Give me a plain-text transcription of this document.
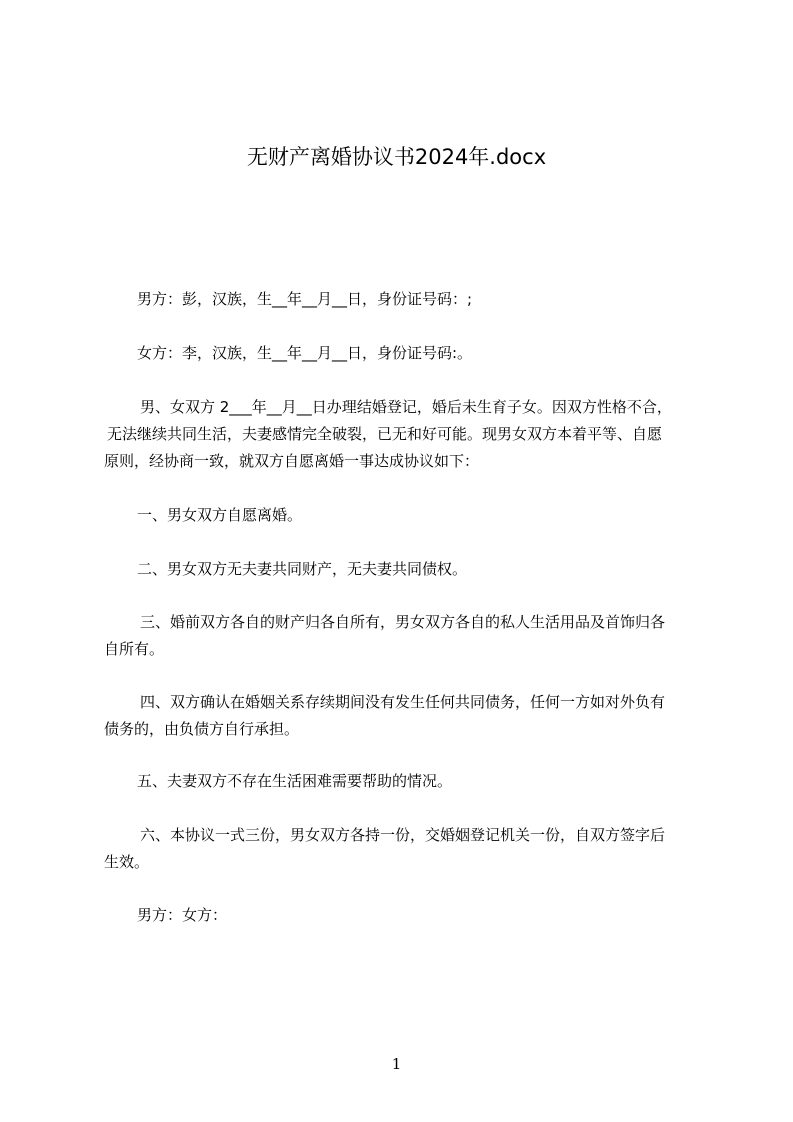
无财产离婚协议书2024年.docx
男方：彭，汉族，生__年__月__日，身份证号码：;
女方：李，汉族，生__年__月__日，身份证号码:。
男、女双方 2___年__月__日办理结婚登记，婚后未生育子女。因双方性格不合，
无法继续共同生活，夫妻感情完全破裂，已无和好可能。现男女双方本着平等、自愿
原则，经协商一致，就双方自愿离婚一事达成协议如下：
一、男女双方自愿离婚。
二、男女双方无夫妻共同财产，无夫妻共同债权。
三、婚前双方各自的财产归各自所有，男女双方各自的私人生活用品及首饰归各
自所有。
四、双方确认在婚姻关系存续期间没有发生任何共同债务，任何一方如对外负有
债务的，由负债方自行承担。
五、夫妻双方不存在生活困难需要帮助的情况。
六、本协议一式三份，男女双方各持一份，交婚姻登记机关一份，自双方签字后
生效。
男方：女方：
1
